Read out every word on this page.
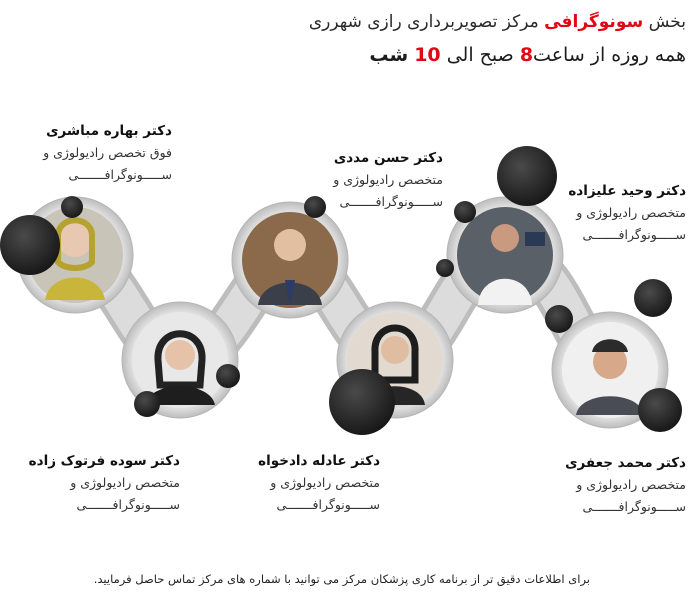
بخش سونوگرافی مرکز تصویربرداری رازی شهرری
همه روزه از ساعت8 صبح الی 10 شب
دکتر بهاره مباشری
فوق تخصص رادیولوژی و
ســـــونوگرافـــــــی
دکتر حسن مددی
متخصص رادیولوژی و
ســـــونوگرافـــــــی
دکتر وحید علیزاده
متخصص رادیولوژی و
ســـــونوگرافـــــــی
دکتر سوده فرتوک زاده
متخصص رادیولوژی و
ســـــونوگرافـــــــی
دکتر عادله دادخواه
متخصص رادیولوژی و
ســـــونوگرافـــــــی
دکتر محمد جعفری
متخصص رادیولوژی و
ســـــونوگرافـــــــی
برای اطلاعات دقیق تر از برنامه کاری پزشکان مرکز می توانید با شماره های مرکز تماس حاصل فرمایید.
